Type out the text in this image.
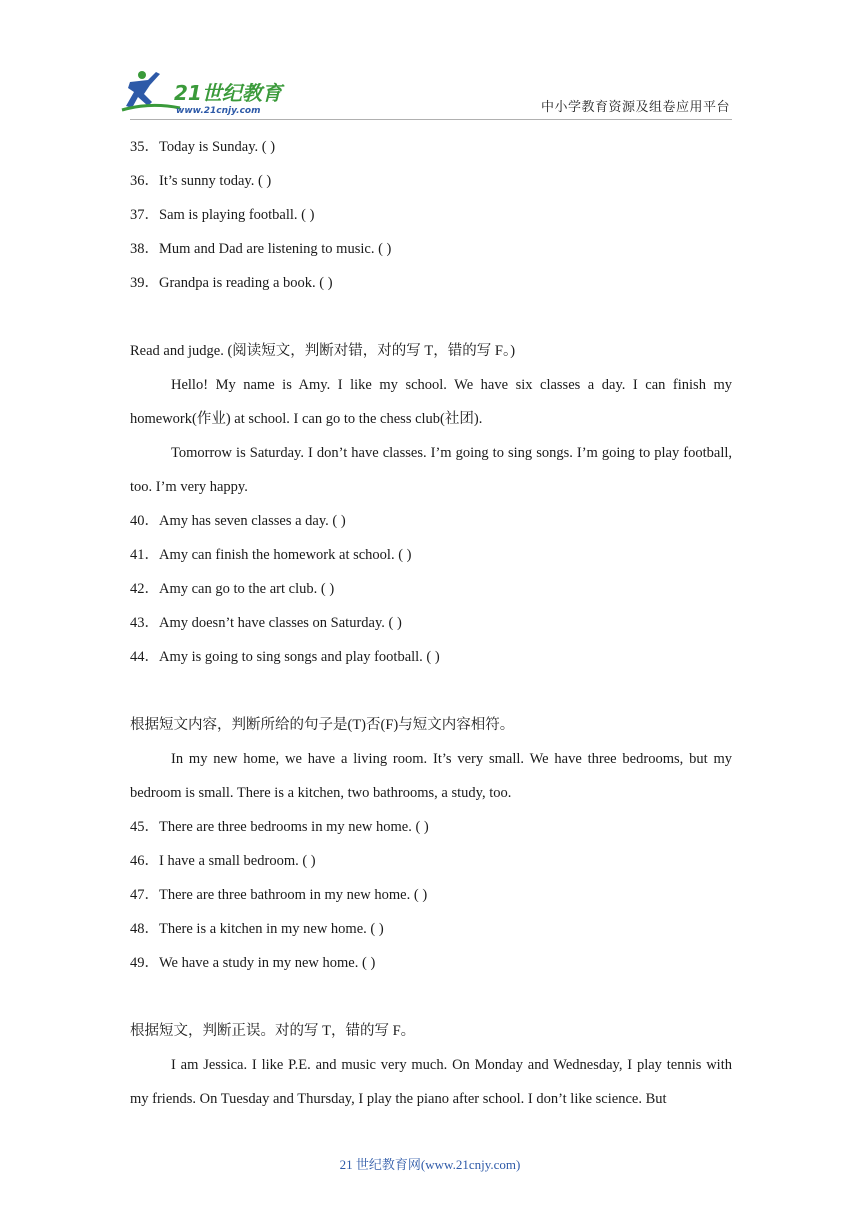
21世纪教育
www.21cnjy.com	中小学教育资源及组卷应用平台
35．Today is Sunday. ( )
36．It’s sunny today. ( )
37．Sam is playing football. ( )
38．Mum and Dad are listening to music. ( )
39．Grandpa is reading a book. ( )
Read and judge. (阅读短文，判断对错，对的写 T，错的写 F。)
Hello! My name is Amy. I like my school. We have six classes a day. I can finish my homework(作业) at school. I can go to the chess club(社团).
Tomorrow is Saturday. I don’t have classes. I’m going to sing songs. I’m going to play football, too. I’m very happy.
40．Amy has seven classes a day. ( )
41．Amy can finish the homework at school. ( )
42．Amy can go to the art club. ( )
43．Amy doesn’t have classes on Saturday. ( )
44．Amy is going to sing songs and play football. ( )
根据短文内容，判断所给的句子是(T)否(F)与短文内容相符。
In my new home, we have a living room. It’s very small. We have three bedrooms, but my bedroom is small. There is a kitchen, two bathrooms, a study, too.
45．There are three bedrooms in my new home. ( )
46．I have a small bedroom. ( )
47．There are three bathroom in my new home. ( )
48．There is a kitchen in my new home. ( )
49．We have a study in my new home. ( )
根据短文，判断正误。对的写 T，错的写 F。
I am Jessica. I like P.E. and music very much. On Monday and Wednesday, I play tennis with my friends. On Tuesday and Thursday, I play the piano after school. I don’t like science. But
21 世纪教育网(www.21cnjy.com)
